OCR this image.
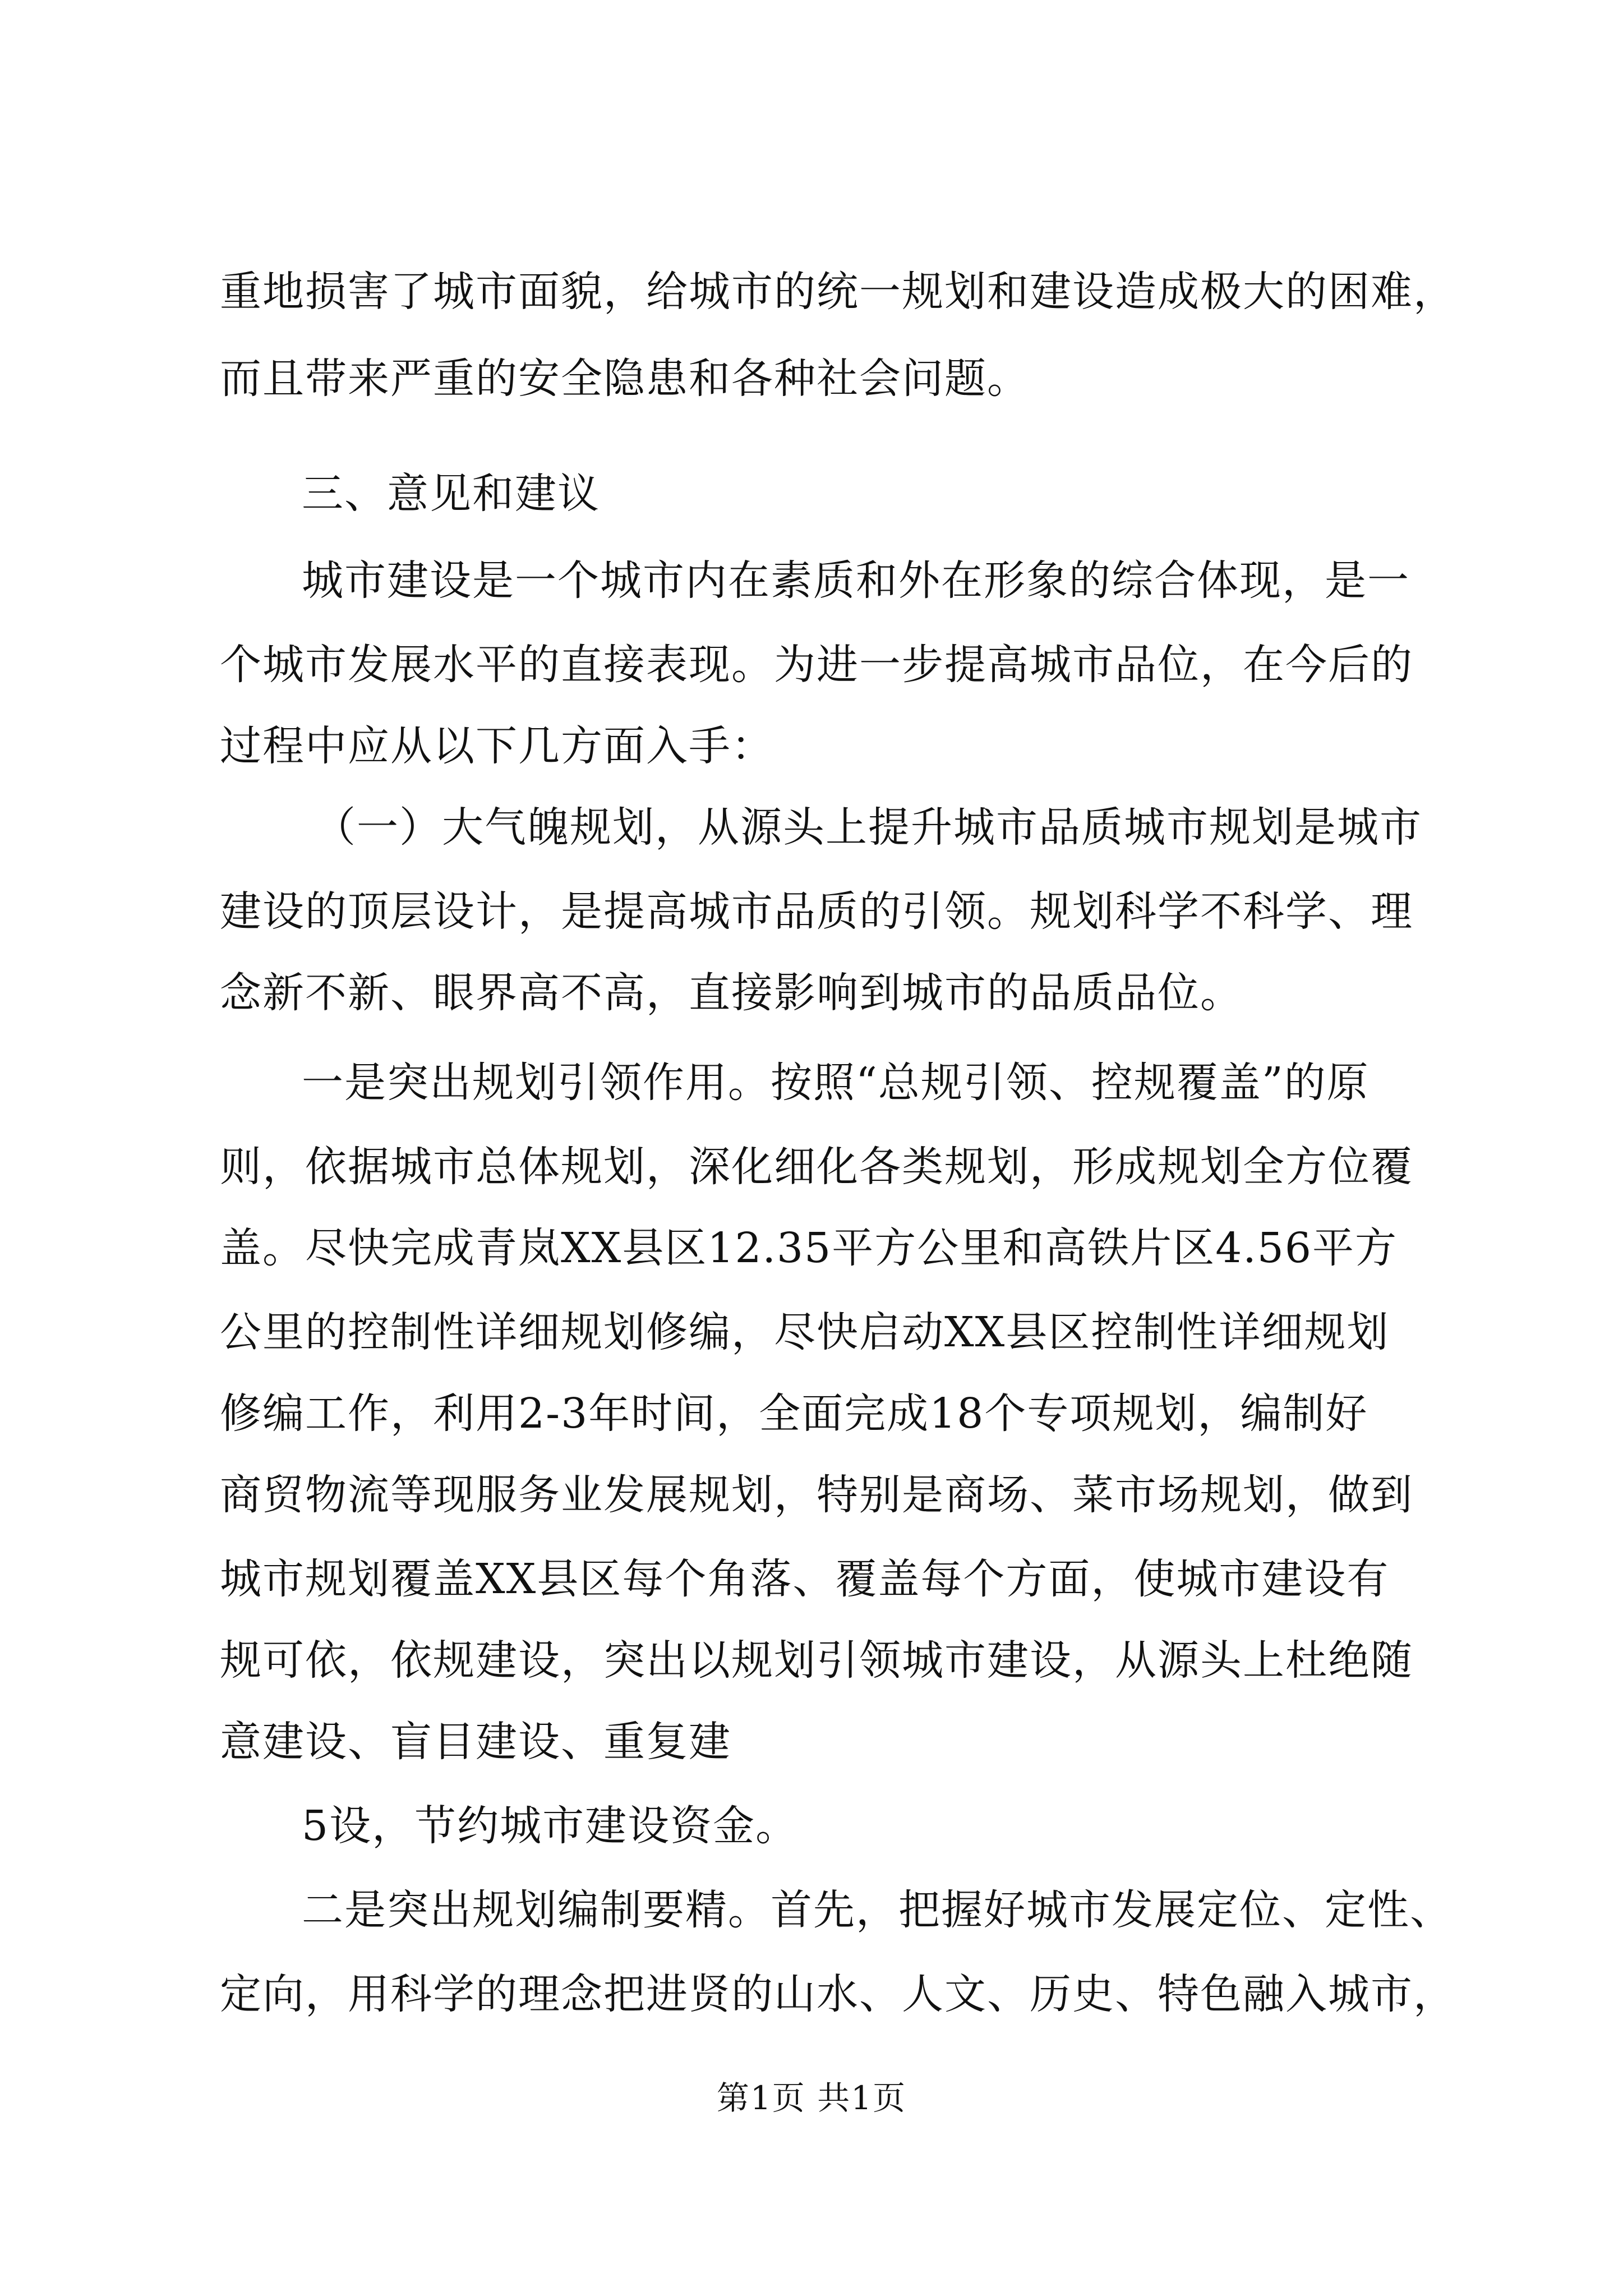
重地损害了城市面貌，给城市的统一规划和建设造成极大的困难，
而且带来严重的安全隐患和各种社会问题。
三、意见和建议
城市建设是一个城市内在素质和外在形象的综合体现，是一
个城市发展水平的直接表现。为进一步提高城市品位，在今后的
过程中应从以下几方面入手：
（一）大气魄规划，从源头上提升城市品质城市规划是城市
建设的顶层设计，是提高城市品质的引领。规划科学不科学、理
念新不新、眼界高不高，直接影响到城市的品质品位。
一是突出规划引领作用。按照“总规引领、控规覆盖”的原
则，依据城市总体规划，深化细化各类规划，形成规划全方位覆
盖。尽快完成青岚XX县区12.35平方公里和高铁片区4.56平方
公里的控制性详细规划修编，尽快启动XX县区控制性详细规划
修编工作，利用2-3年时间，全面完成18个专项规划，编制好
商贸物流等现服务业发展规划，特别是商场、菜市场规划，做到
城市规划覆盖XX县区每个角落、覆盖每个方面，使城市建设有
规可依，依规建设，突出以规划引领城市建设，从源头上杜绝随
意建设、盲目建设、重复建
5设，节约城市建设资金。
二是突出规划编制要精。首先，把握好城市发展定位、定性、
定向，用科学的理念把进贤的山水、人文、历史、特色融入城市，
第1页 共1页
